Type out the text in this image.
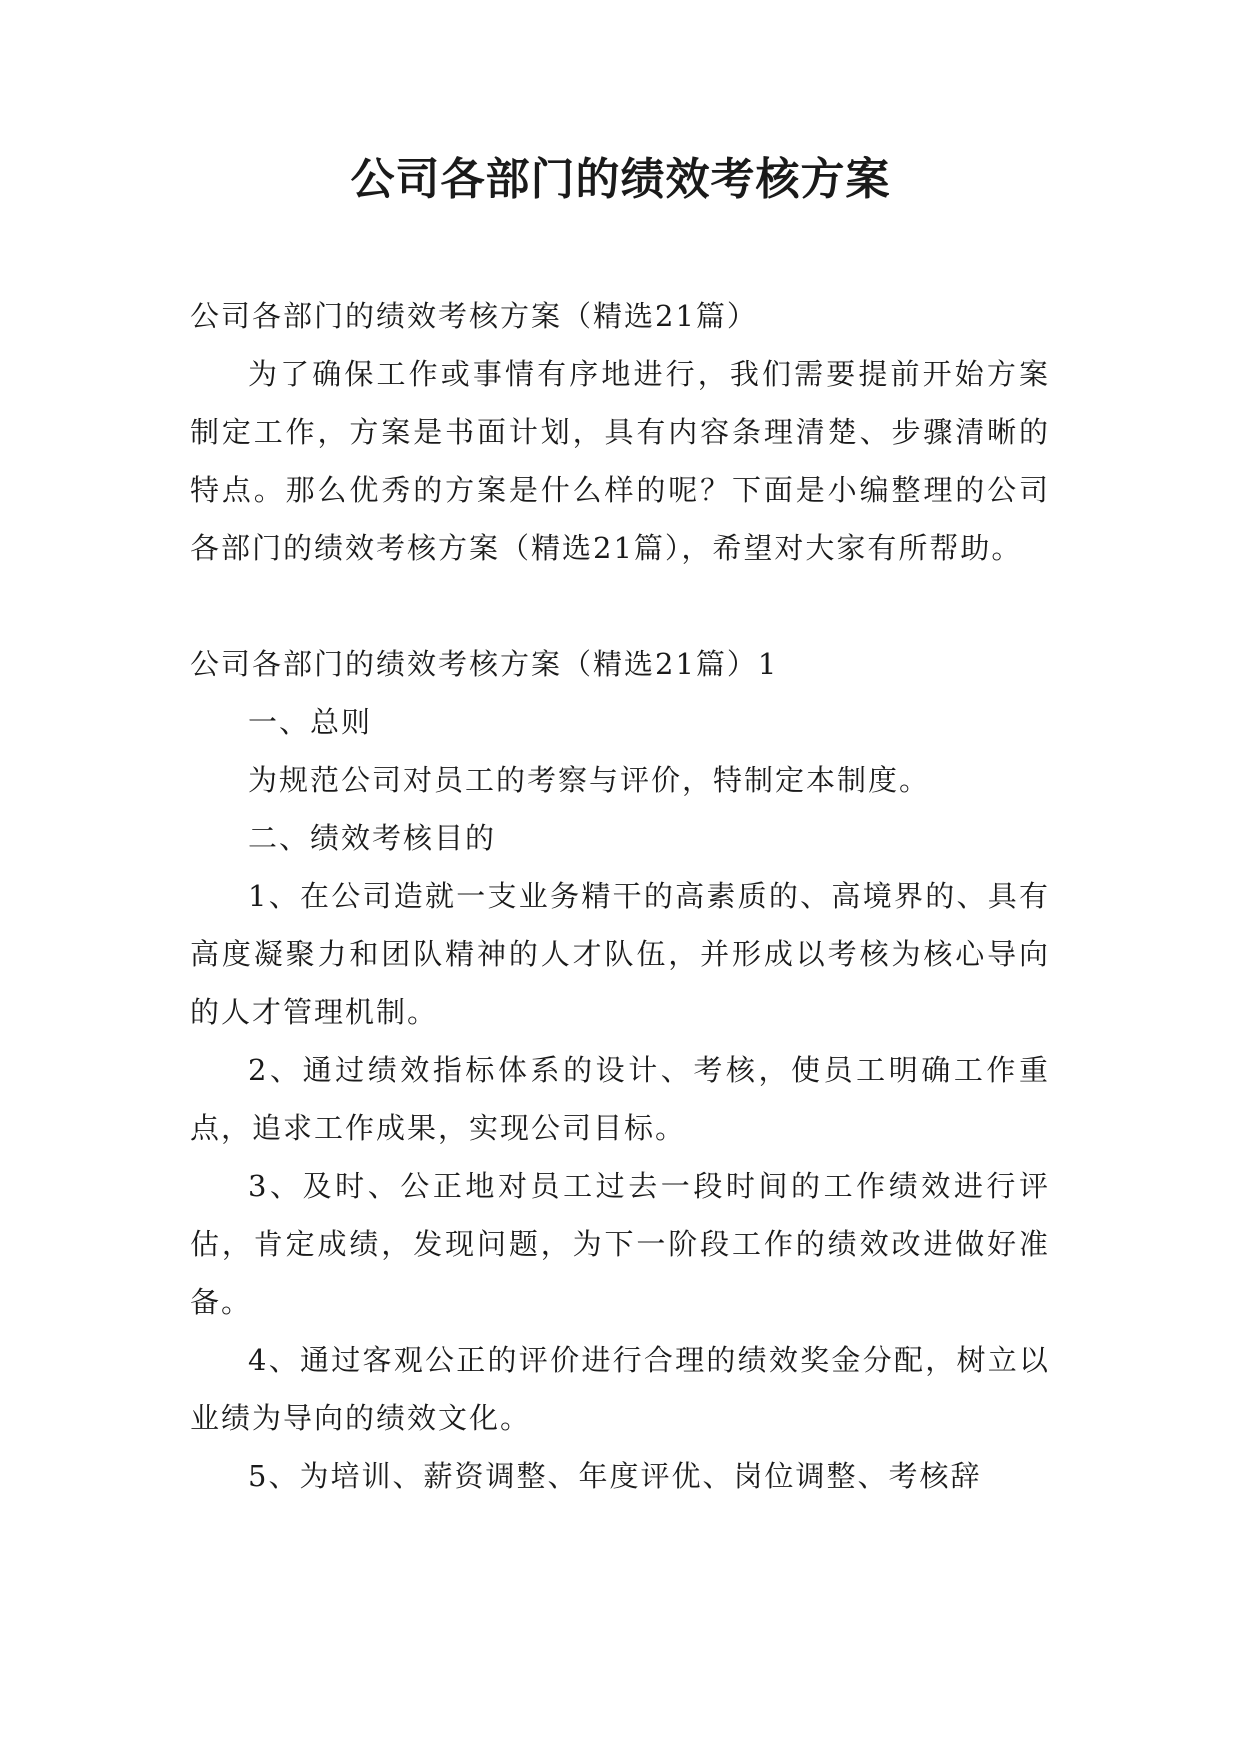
公司各部门的绩效考核方案

公司各部门的绩效考核方案（精选21篇）

为了确保工作或事情有序地进行，我们需要提前开始方案制定工作，方案是书面计划，具有内容条理清楚、步骤清晰的特点。那么优秀的方案是什么样的呢？下面是小编整理的公司各部门的绩效考核方案（精选21篇），希望对大家有所帮助。

公司各部门的绩效考核方案（精选21篇）1

一、总则

为规范公司对员工的考察与评价，特制定本制度。

二、绩效考核目的

1、在公司造就一支业务精干的高素质的、高境界的、具有高度凝聚力和团队精神的人才队伍，并形成以考核为核心导向的人才管理机制。

2、通过绩效指标体系的设计、考核，使员工明确工作重点，追求工作成果，实现公司目标。

3、及时、公正地对员工过去一段时间的工作绩效进行评估，肯定成绩，发现问题，为下一阶段工作的绩效改进做好准备。

4、通过客观公正的评价进行合理的绩效奖金分配，树立以业绩为导向的绩效文化。

5、为培训、薪资调整、年度评优、岗位调整、考核辞
